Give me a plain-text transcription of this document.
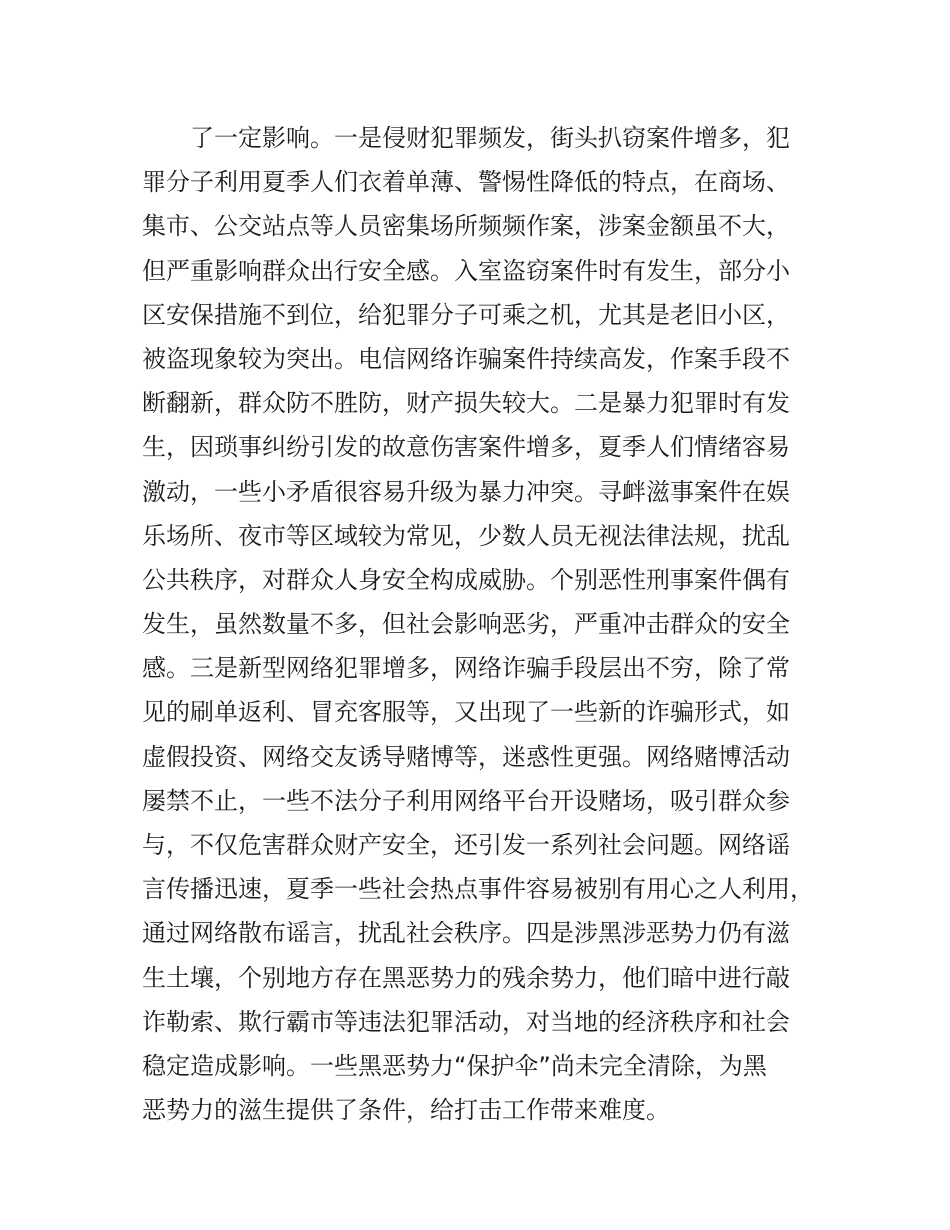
了一定影响。一是侵财犯罪频发，街头扒窃案件增多，犯
罪分子利用夏季人们衣着单薄、警惕性降低的特点，在商场、
集市、公交站点等人员密集场所频频作案，涉案金额虽不大，
但严重影响群众出行安全感。入室盗窃案件时有发生，部分小
区安保措施不到位，给犯罪分子可乘之机，尤其是老旧小区，
被盗现象较为突出。电信网络诈骗案件持续高发，作案手段不
断翻新，群众防不胜防，财产损失较大。二是暴力犯罪时有发
生，因琐事纠纷引发的故意伤害案件增多，夏季人们情绪容易
激动，一些小矛盾很容易升级为暴力冲突。寻衅滋事案件在娱
乐场所、夜市等区域较为常见，少数人员无视法律法规，扰乱
公共秩序，对群众人身安全构成威胁。个别恶性刑事案件偶有
发生，虽然数量不多，但社会影响恶劣，严重冲击群众的安全
感。三是新型网络犯罪增多，网络诈骗手段层出不穷，除了常
见的刷单返利、冒充客服等，又出现了一些新的诈骗形式，如
虚假投资、网络交友诱导赌博等，迷惑性更强。网络赌博活动
屡禁不止，一些不法分子利用网络平台开设赌场，吸引群众参
与，不仅危害群众财产安全，还引发一系列社会问题。网络谣
言传播迅速，夏季一些社会热点事件容易被别有用心之人利用，
通过网络散布谣言，扰乱社会秩序。四是涉黑涉恶势力仍有滋
生土壤，个别地方存在黑恶势力的残余势力，他们暗中进行敲
诈勒索、欺行霸市等违法犯罪活动，对当地的经济秩序和社会
稳定造成影响。一些黑恶势力“保护伞”尚未完全清除，为黑
恶势力的滋生提供了条件，给打击工作带来难度。
